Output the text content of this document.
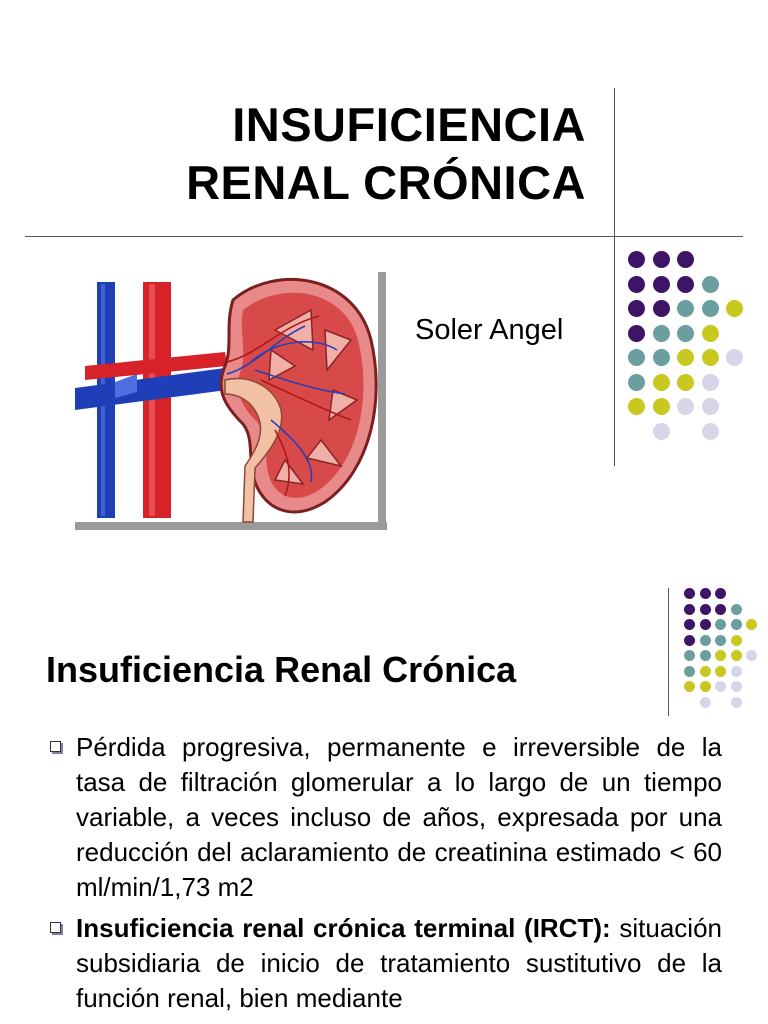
INSUFICIENCIA
RENAL CRÓNICA
Soler Angel
Insuficiencia Renal Crónica
Pérdida progresiva, permanente e irreversible de la tasa de filtración glomerular a lo largo de un tiempo variable, a veces incluso de años, expresada por una reducción del aclaramiento de creatinina estimado < 60 ml/min/1,73 m2
Insuficiencia renal crónica terminal (IRCT): situación subsidiaria de inicio de tratamiento sustitutivo de la función renal, bien mediante
